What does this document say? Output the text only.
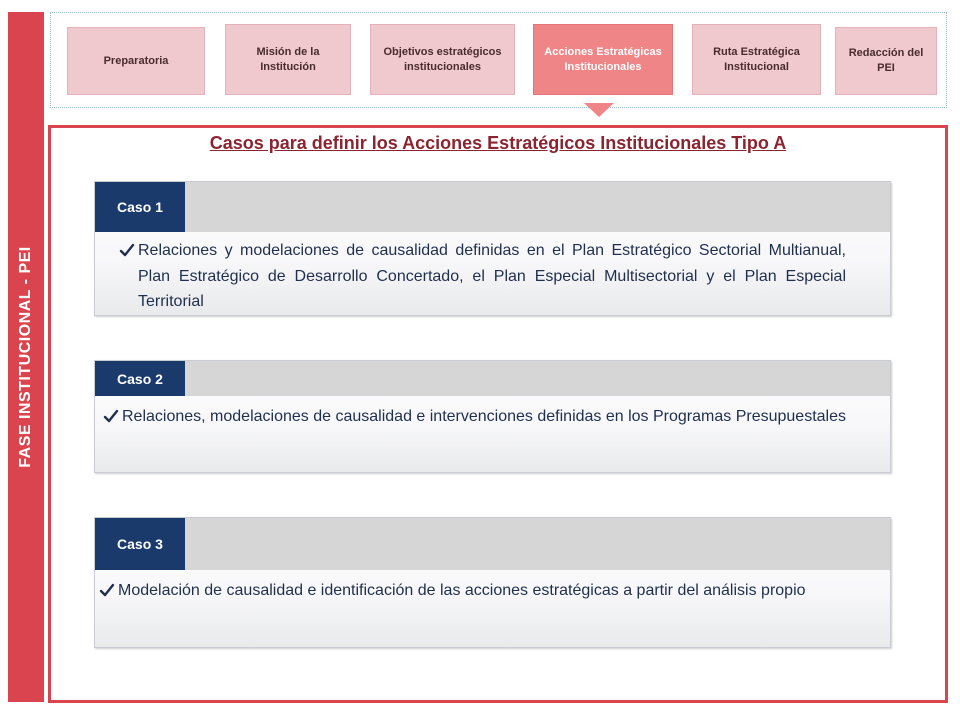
FASE INSTITUCIONAL - PEI
Preparatoria
Misión de la Institución
Objetivos estratégicos institucionales
Acciones Estratégicas Institucionales
Ruta Estratégica Institucional
Redacción del PEI
Casos para definir los Acciones Estratégicos Institucionales Tipo A
Caso 1
Relaciones y modelaciones de causalidad definidas en el Plan Estratégico Sectorial Multianual, Plan Estratégico de Desarrollo Concertado, el Plan Especial Multisectorial y el Plan Especial Territorial
Caso 2
Relaciones, modelaciones de causalidad e intervenciones definidas en los Programas Presupuestales
Caso 3
Modelación de causalidad e identificación de las acciones estratégicas a partir del análisis propio
